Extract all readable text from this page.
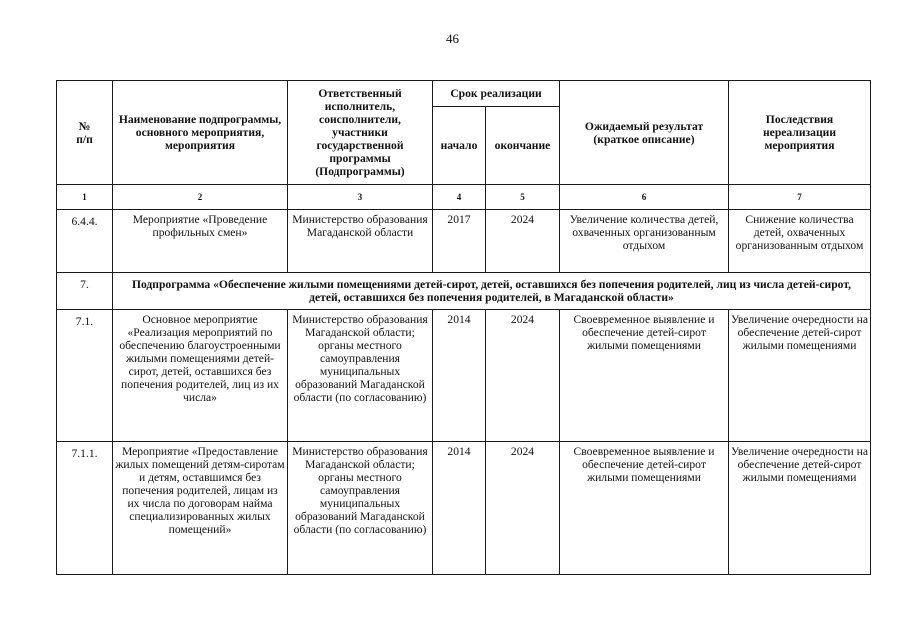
46
№
п/п	Наименование подпрограммы, основного мероприятия, мероприятия	Ответственный исполнитель, соисполнители, участники государственной программы (Подпрограммы)	Срок реализации		Ожидаемый результат (краткое описание)	Последствия нереализации мероприятия
			начало	окончание		
1	2	3	4	5	6	7
6.4.4.	Мероприятие «Проведение профильных смен»	Министерство образования Магаданской области	2017	2024	Увеличение количества детей, охваченных организованным отдыхом	Снижение количества детей, охваченных организованным отдыхом
7.	Подпрограмма «Обеспечение жилыми помещениями детей-сирот, детей, оставшихся без попечения родителей, лиц из числа детей-сирот, детей, оставшихся без попечения родителей, в Магаданской области»					
7.1.	Основное мероприятие «Реализация мероприятий по обеспечению благоустроенными жилыми помещениями детей-сирот, детей, оставшихся без попечения родителей, лиц из их числа»	Министерство образования Магаданской области; органы местного самоуправления муниципальных образований Магаданской области (по согласованию)	2014	2024	Своевременное выявление и обеспечение детей-сирот жилыми помещениями	Увеличение очередности на обеспечение детей-сирот жилыми помещениями
7.1.1.	Мероприятие «Предоставление жилых помещений детям-сиротам и детям, оставшимся без попечения родителей, лицам из их числа по договорам найма специализированных жилых помещений»	Министерство образования Магаданской области; органы местного самоуправления муниципальных образований Магаданской области (по согласованию)	2014	2024	Своевременное выявление и обеспечение детей-сирот жилыми помещениями	Увеличение очередности на обеспечение детей-сирот жилыми помещениями
